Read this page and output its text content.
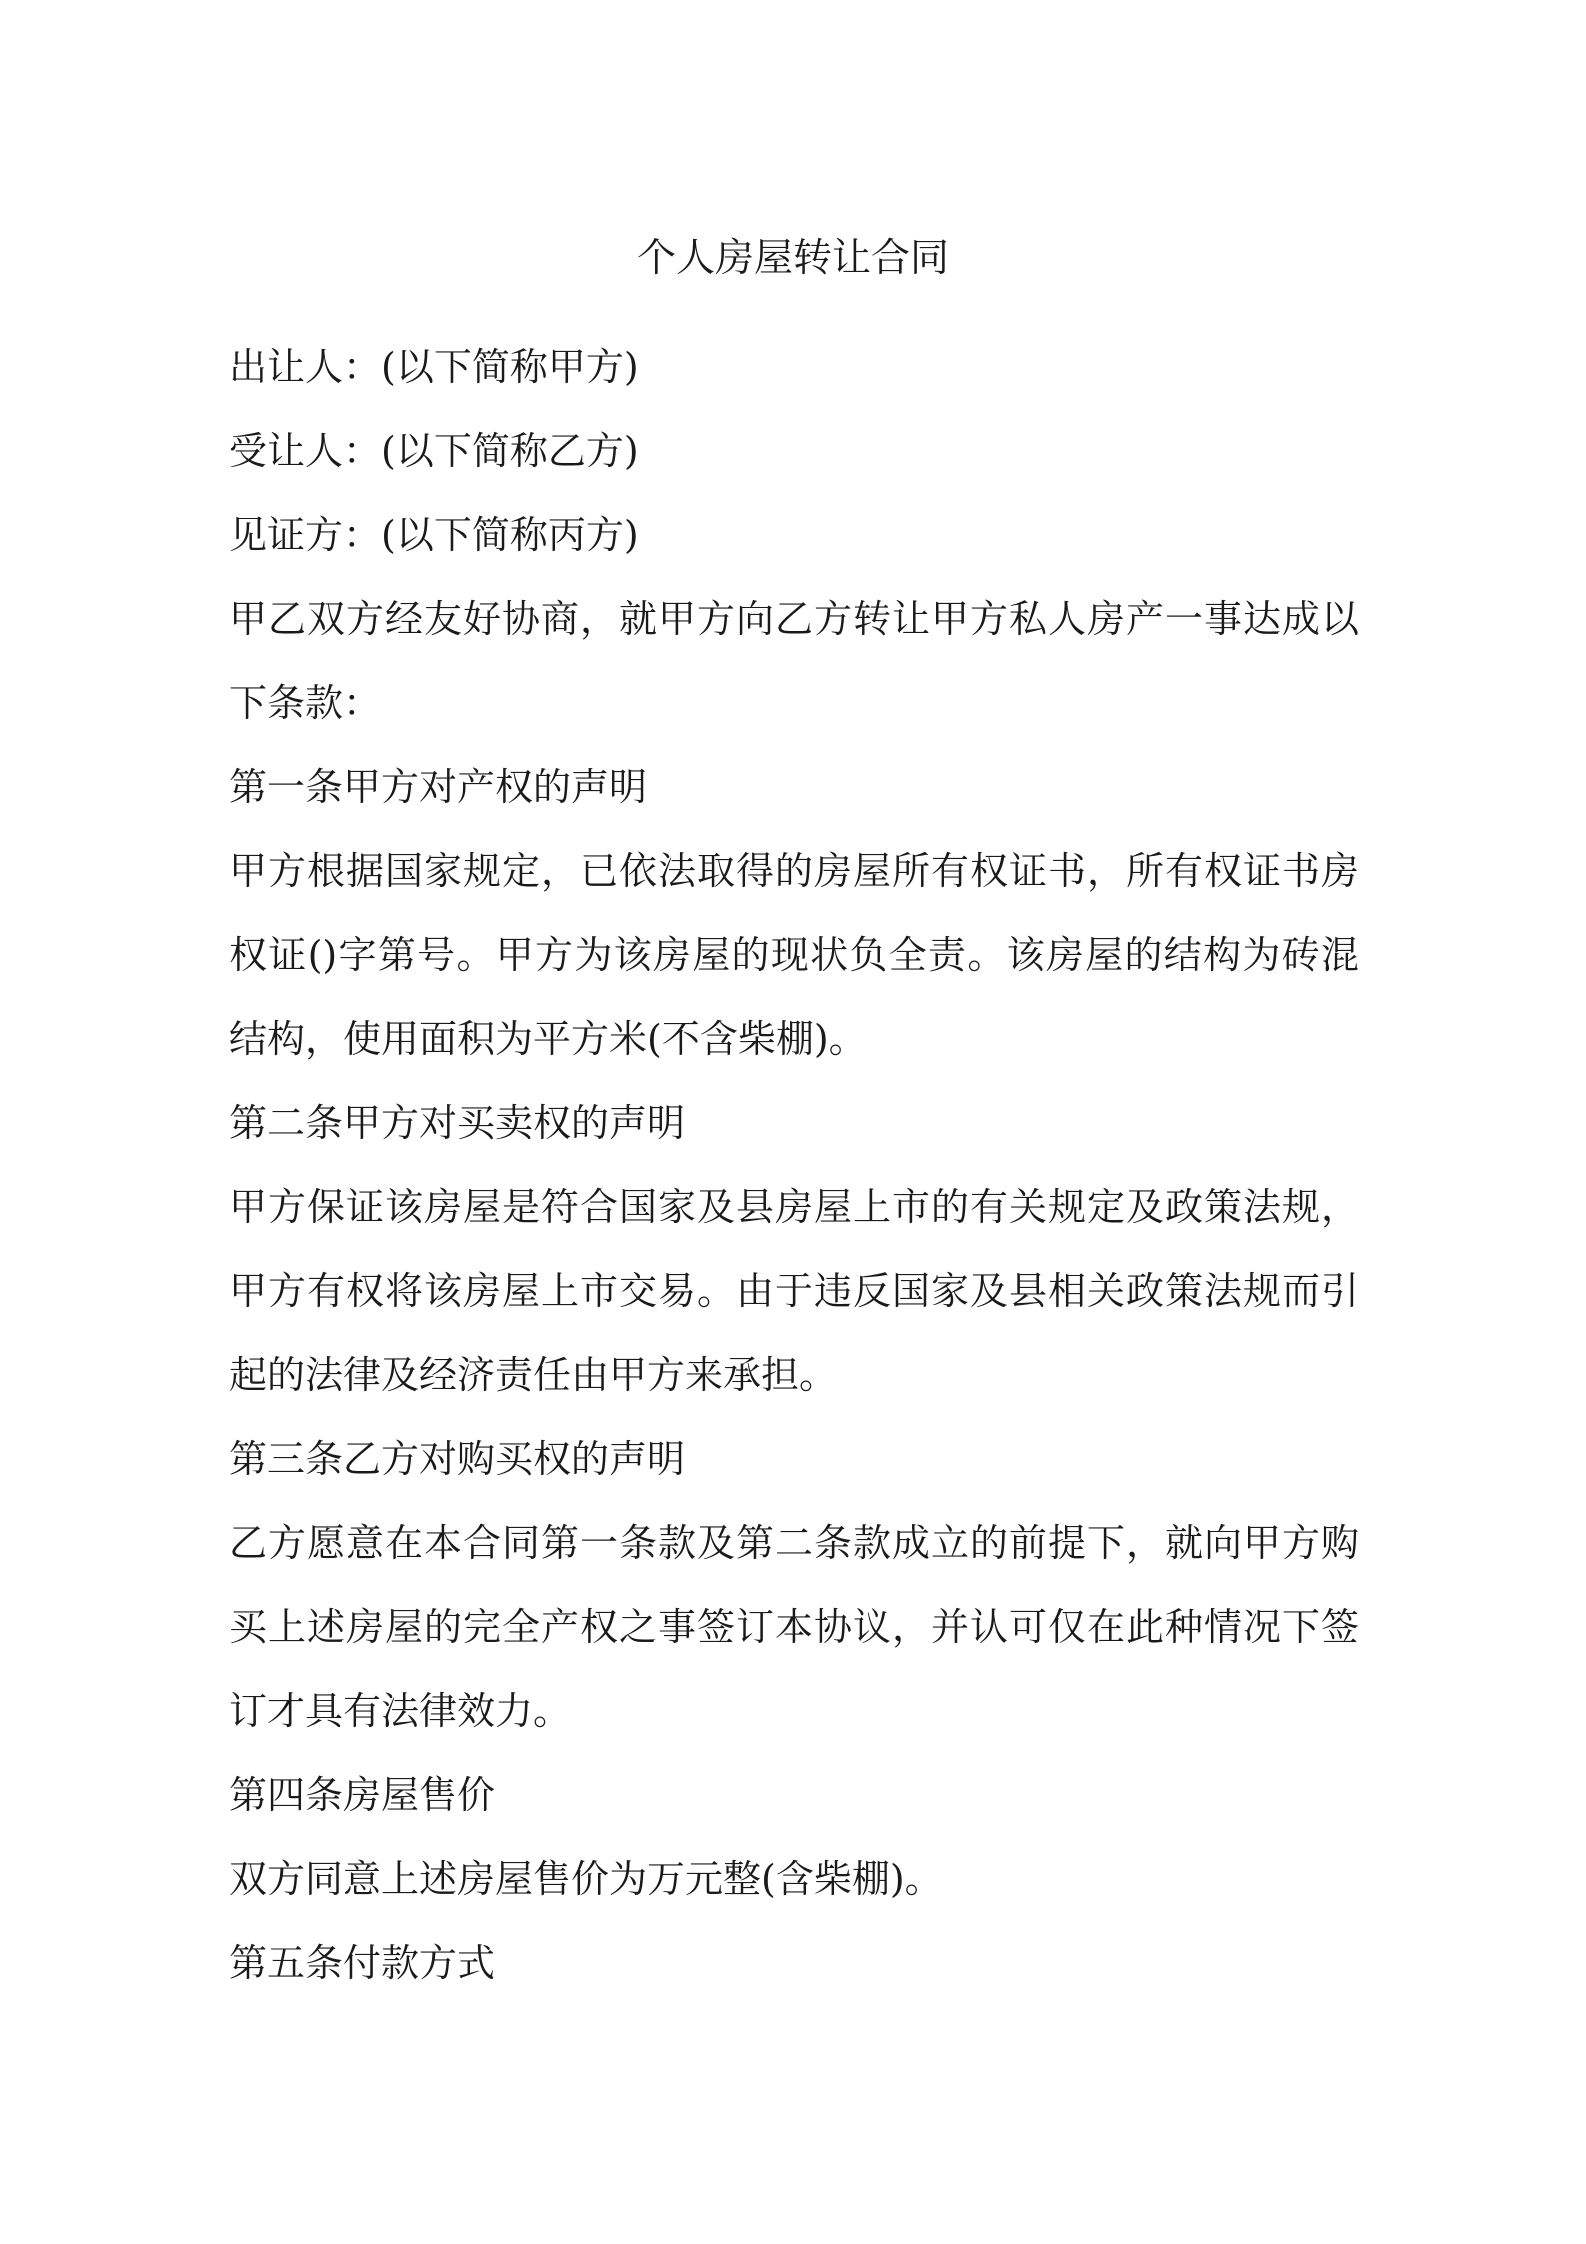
个人房屋转让合同

出让人：(以下简称甲方)

受让人：(以下简称乙方)

见证方：(以下简称丙方)

甲乙双方经友好协商，就甲方向乙方转让甲方私人房产一事达成以下条款：

第一条甲方对产权的声明

甲方根据国家规定，已依法取得的房屋所有权证书，所有权证书房权证()字第号。甲方为该房屋的现状负全责。该房屋的结构为砖混结构，使用面积为平方米(不含柴棚)。

第二条甲方对买卖权的声明

甲方保证该房屋是符合国家及县房屋上市的有关规定及政策法规，甲方有权将该房屋上市交易。由于违反国家及县相关政策法规而引起的法律及经济责任由甲方来承担。

第三条乙方对购买权的声明

乙方愿意在本合同第一条款及第二条款成立的前提下，就向甲方购买上述房屋的完全产权之事签订本协议，并认可仅在此种情况下签订才具有法律效力。

第四条房屋售价

双方同意上述房屋售价为万元整(含柴棚)。

第五条付款方式
